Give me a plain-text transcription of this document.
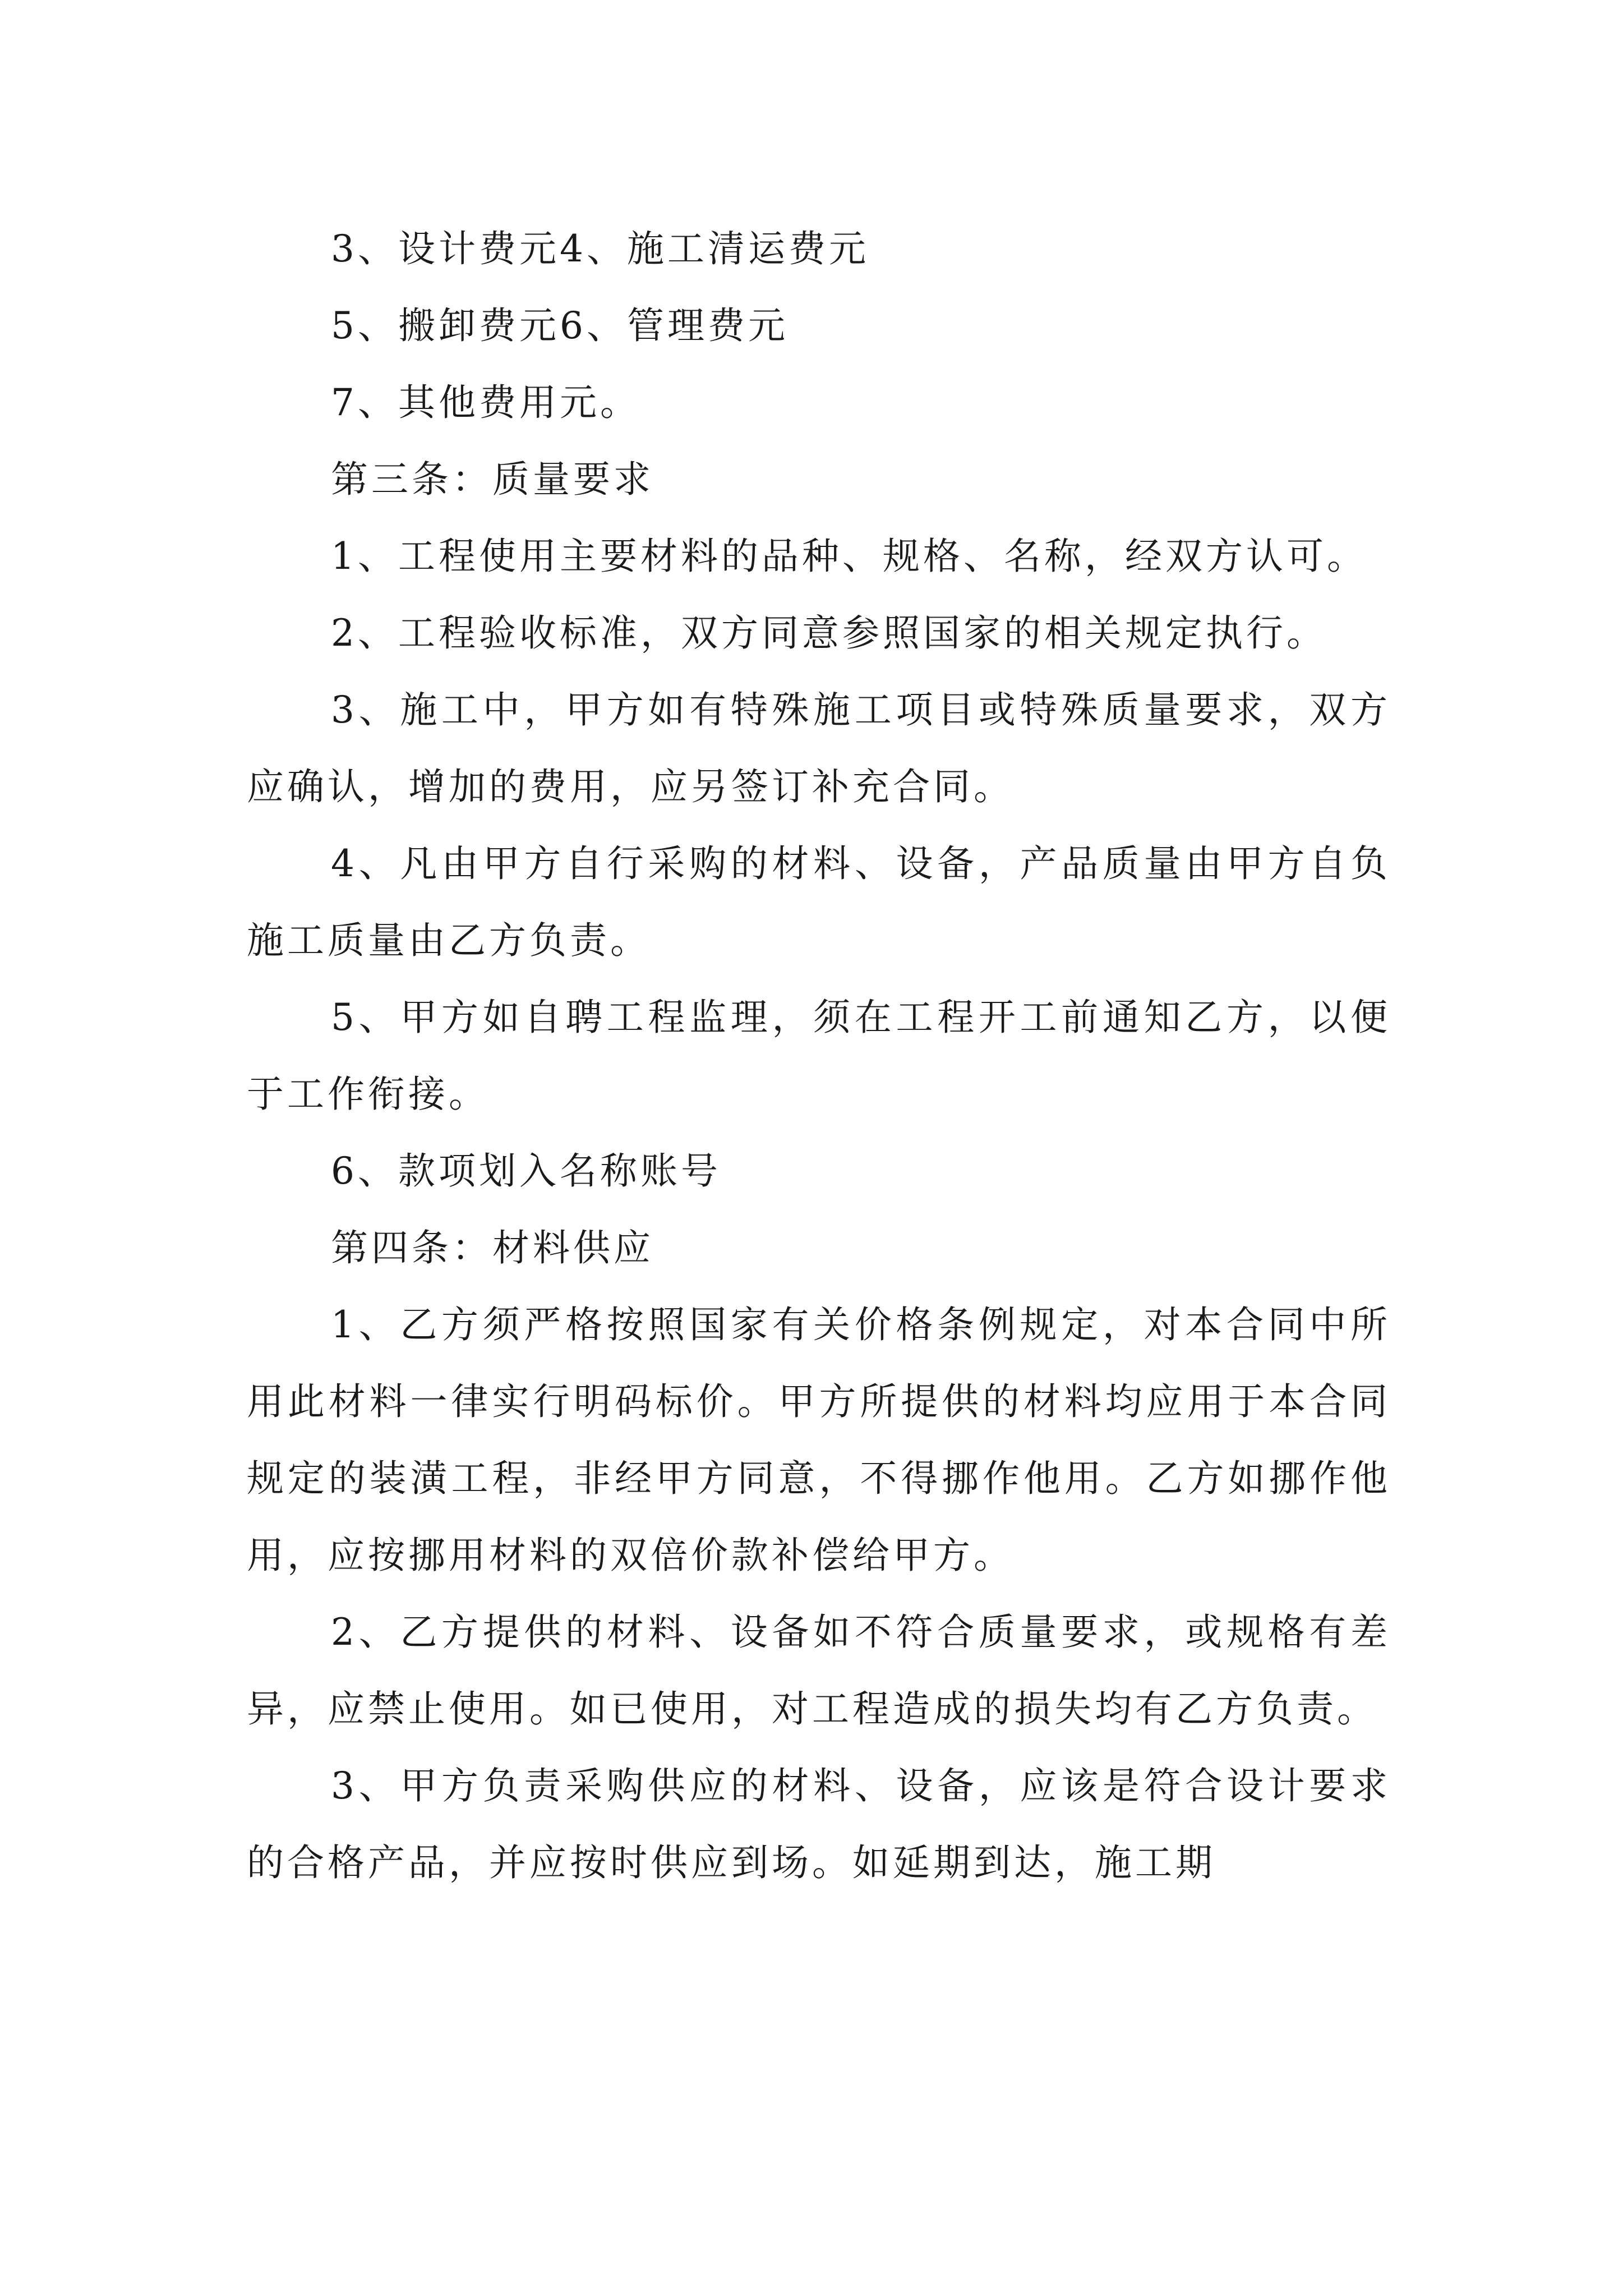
3、设计费元4、施工清运费元

5、搬卸费元6、管理费元

7、其他费用元。

第三条：质量要求

1、工程使用主要材料的品种、规格、名称，经双方认可。

2、工程验收标准，双方同意参照国家的相关规定执行。

3、施工中，甲方如有特殊施工项目或特殊质量要求，双方应确认，增加的费用，应另签订补充合同。

4、凡由甲方自行采购的材料、设备，产品质量由甲方自负施工质量由乙方负责。

5、甲方如自聘工程监理，须在工程开工前通知乙方，以便于工作衔接。

6、款项划入名称账号

第四条：材料供应

1、乙方须严格按照国家有关价格条例规定，对本合同中所用此材料一律实行明码标价。甲方所提供的材料均应用于本合同规定的装潢工程，非经甲方同意，不得挪作他用。乙方如挪作他用，应按挪用材料的双倍价款补偿给甲方。

2、乙方提供的材料、设备如不符合质量要求，或规格有差异，应禁止使用。如已使用，对工程造成的损失均有乙方负责。

3、甲方负责采购供应的材料、设备，应该是符合设计要求的合格产品，并应按时供应到场。如延期到达，施工期
